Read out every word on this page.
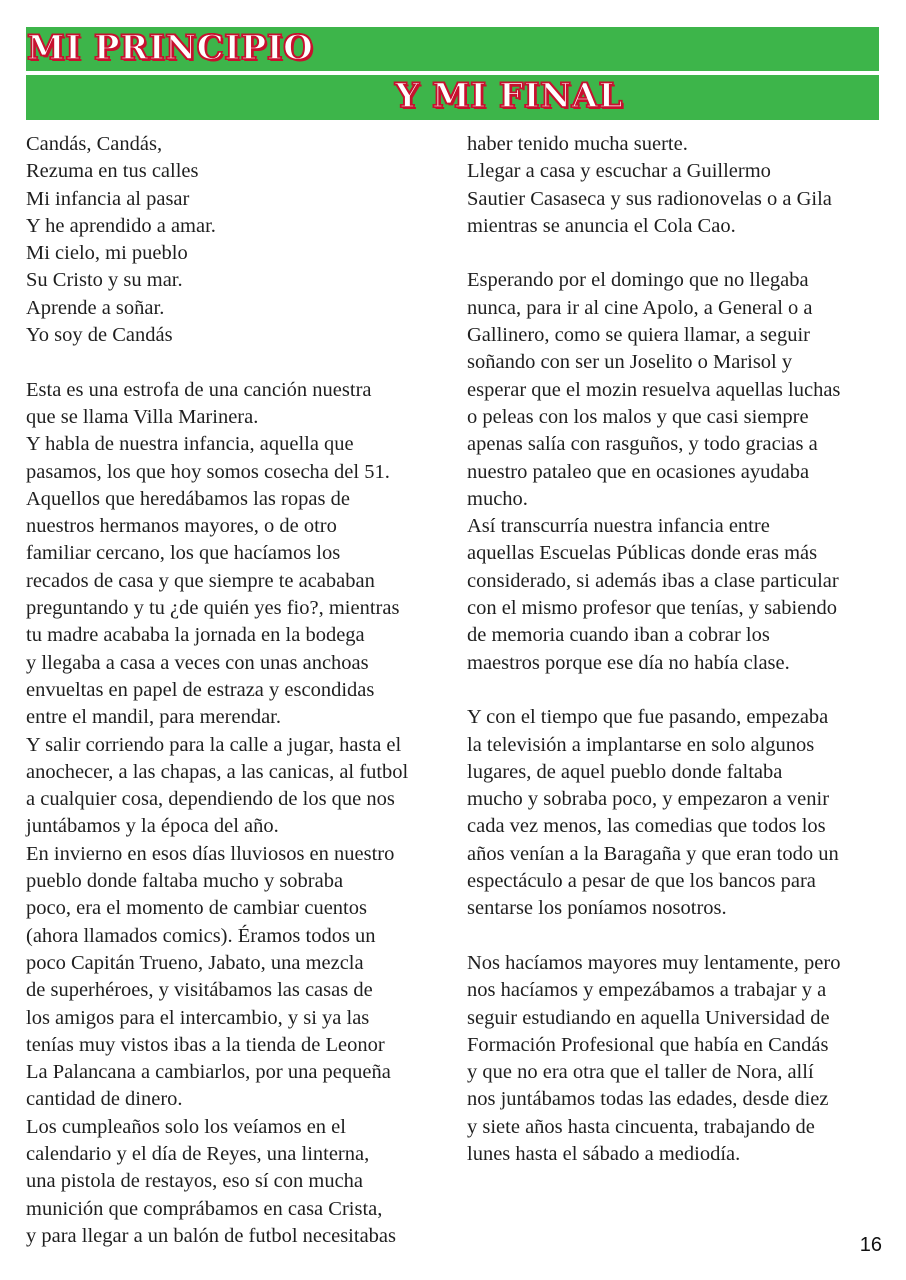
MI PRINCIPIO
Y MI FINAL
Candás, Candás,
Rezuma en tus calles
Mi infancia al pasar
Y he aprendido a amar.
Mi cielo, mi pueblo
Su Cristo y su mar.
Aprende a soñar.
Yo soy de Candás
Esta es una estrofa de una canción nuestra
que se llama Villa Marinera.
Y habla de nuestra infancia, aquella que
pasamos, los que hoy somos cosecha del 51.
Aquellos que heredábamos las ropas de
nuestros hermanos mayores, o de otro
familiar cercano, los que hacíamos los
recados de casa y que siempre te acababan
preguntando y tu ¿de quién yes fio?, mientras
tu madre acababa la jornada en la bodega
y llegaba a casa a veces con unas anchoas
envueltas en papel de estraza y escondidas
entre el mandil, para merendar.
Y salir corriendo para la calle a jugar, hasta el
anochecer, a las chapas, a las canicas, al futbol
a cualquier cosa, dependiendo de los que nos
juntábamos y la época del año.
En invierno en esos días lluviosos en nuestro
pueblo donde faltaba mucho y sobraba
poco, era el momento de cambiar cuentos
(ahora llamados comics). Éramos todos un
poco Capitán Trueno, Jabato, una mezcla
de superhéroes, y visitábamos las casas de
los amigos para el intercambio, y si ya las
tenías muy vistos ibas a la tienda de Leonor
La Palancana a cambiarlos, por una pequeña
cantidad de dinero.
Los cumpleaños solo los veíamos en el
calendario y el día de Reyes, una linterna,
una pistola de restayos, eso sí con mucha
munición que comprábamos en casa Crista,
y para llegar a un balón de futbol necesitabas
haber tenido mucha suerte.
Llegar a casa y escuchar a Guillermo
Sautier Casaseca y sus radionovelas o a Gila
mientras se anuncia el Cola Cao.
Esperando por el domingo que no llegaba
nunca, para ir al cine Apolo, a General o a
Gallinero, como se quiera llamar, a seguir
soñando con ser un Joselito o Marisol y
esperar que el mozin resuelva aquellas luchas
o peleas con los malos y que casi siempre
apenas salía con rasguños, y todo gracias a
nuestro pataleo que en ocasiones ayudaba
mucho.
Así transcurría nuestra infancia entre
aquellas Escuelas Públicas donde eras más
considerado, si además ibas a clase particular
con el mismo profesor que tenías, y sabiendo
de memoria cuando iban a cobrar los
maestros porque ese día no había clase.
Y con el tiempo que fue pasando, empezaba
la televisión a implantarse en solo algunos
lugares, de aquel pueblo donde faltaba
mucho y sobraba poco, y empezaron a venir
cada vez menos, las comedias que todos los
años venían a la Baragaña y que eran todo un
espectáculo a pesar de que los bancos para
sentarse los poníamos nosotros.
Nos hacíamos mayores muy lentamente, pero
nos hacíamos y empezábamos a trabajar y a
seguir estudiando en aquella Universidad de
Formación Profesional que había en Candás
y que no era otra que el taller de Nora, allí
nos juntábamos todas las edades, desde diez
y siete años hasta cincuenta, trabajando de
lunes hasta el sábado a mediodía.
16
